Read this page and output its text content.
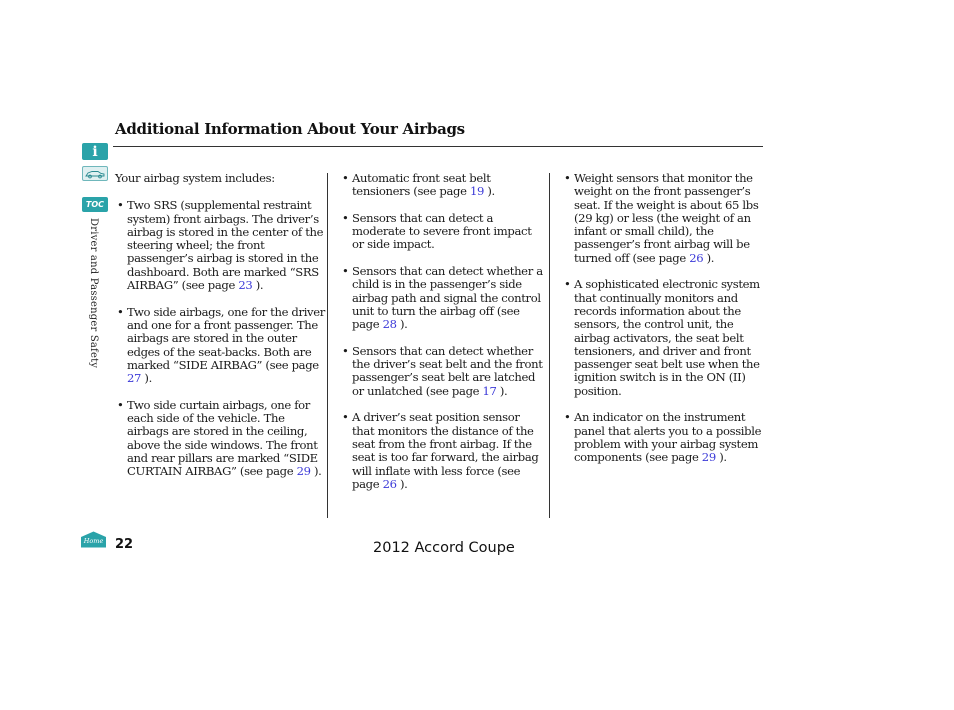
Additional Information About Your Airbags
i
TOC
Driver and Passenger Safety

Your airbag system includes:

• Two SRS (supplemental restraint system) front airbags. The driver’s airbag is stored in the center of the steering wheel; the front passenger’s airbag is stored in the dashboard. Both are marked “SRS AIRBAG” (see page 23 ).
• Two side airbags, one for the driver and one for a front passenger. The airbags are stored in the outer edges of the seat-backs. Both are marked “SIDE AIRBAG” (see page 27 ).
• Two side curtain airbags, one for each side of the vehicle. The airbags are stored in the ceiling, above the side windows. The front and rear pillars are marked “SIDE CURTAIN AIRBAG” (see page 29 ).
• Automatic front seat belt tensioners (see page 19 ).
• Sensors that can detect a moderate to severe front impact or side impact.
• Sensors that can detect whether a child is in the passenger’s side airbag path and signal the control unit to turn the airbag off (see page 28 ).
• Sensors that can detect whether the driver’s seat belt and the front passenger’s seat belt are latched or unlatched (see page 17 ).
• A driver’s seat position sensor that monitors the distance of the seat from the front airbag. If the seat is too far forward, the airbag will inflate with less force (see page 26 ).
• Weight sensors that monitor the weight on the front passenger’s seat. If the weight is about 65 lbs (29 kg) or less (the weight of an infant or small child), the passenger’s front airbag will be turned off (see page 26 ).
• A sophisticated electronic system that continually monitors and records information about the sensors, the control unit, the airbag activators, the seat belt tensioners, and driver and front passenger seat belt use when the ignition switch is in the ON (II) position.
• An indicator on the instrument panel that alerts you to a possible problem with your airbag system components (see page 29 ).
Home 22	2012 Accord Coupe
